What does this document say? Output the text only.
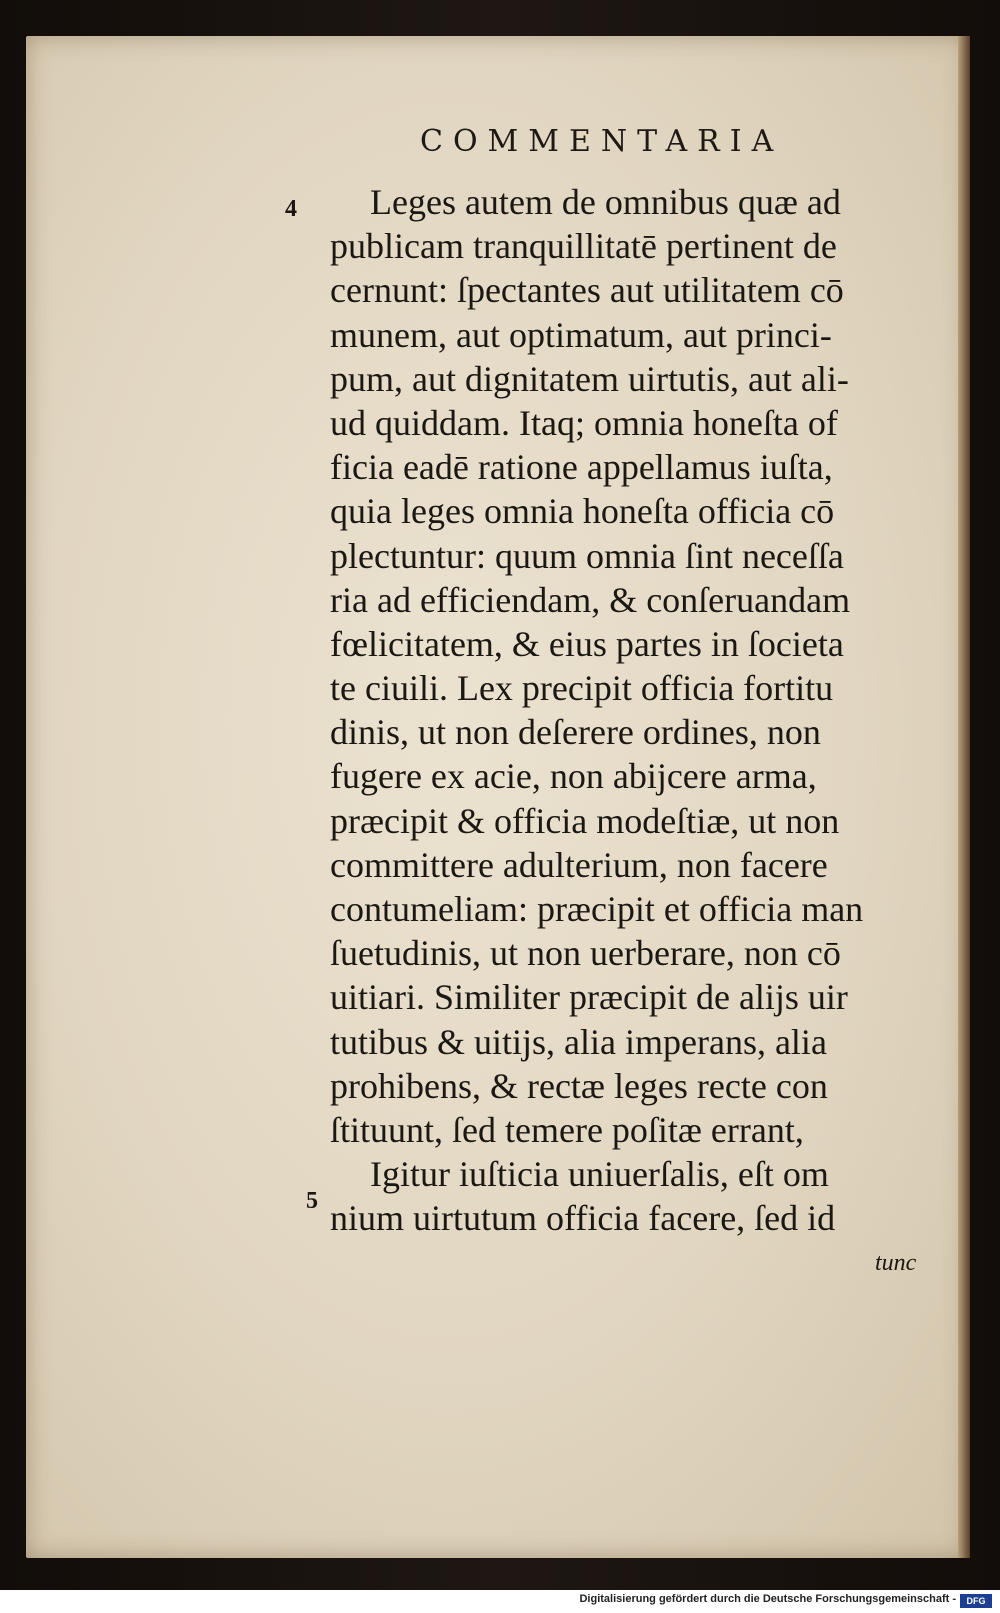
COMMENTARIA
4
5
Leges autem de omnibus quæ ad
publicam tranquillitatē pertinent de
cernunt: ſpectantes aut utilitatem cō
munem, aut optimatum, aut princi-
pum, aut dignitatem uirtutis, aut ali-
ud quiddam. Itaq; omnia honeſta of
ficia eadē ratione appellamus iuſta,
quia leges omnia honeſta officia cō
plectuntur: quum omnia ſint neceſſa
ria ad efficiendam, & conſeruandam
fœlicitatem, & eius partes in ſocieta
te ciuili. Lex precipit officia fortitu
dinis, ut non deſerere ordines, non
fugere ex acie, non abijcere arma,
præcipit & officia modeſtiæ, ut non
committere adulterium, non facere
contumeliam: præcipit et officia man
ſuetudinis, ut non uerberare, non cō
uitiari. Similiter præcipit de alijs uir
tutibus & uitijs, alia imperans, alia
prohibens, & rectæ leges recte con
ſtituunt, ſed temere poſitæ errant,
Igitur iuſticia uniuerſalis, eſt om
nium uirtutum officia facere, ſed id
tunc
Digitalisierung gefördert durch die Deutsche Forschungsgemeinschaft -	DFG
